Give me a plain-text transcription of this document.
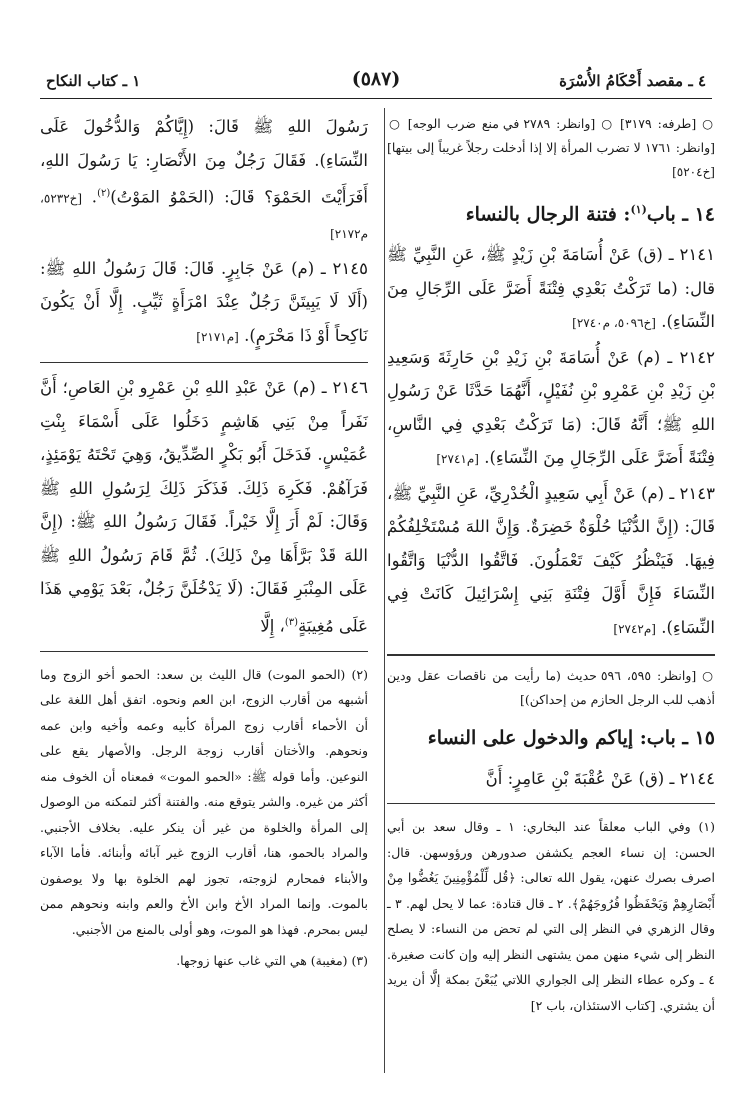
٤ ـ مقصد أَحْكَامُ الأُسْرَة
(٥٨٧)
١ ـ كتاب النكاح

○ [طرفه: ٣١٧٩] ○ [وانظر: ٢٧٨٩ في منع ضرب الوجه] ○ [وانظر: ١٧٦١ لا تضرب المرأة إلا إذا أدخلت رجلاً غريباً إلى بيتها] [خ٥٢٠٤]

١٤ ـ باب$^{(١)}$: فتنة الرجال بالنساء

٢١٤١ ـ (ق) عَنْ أُسَامَةَ بْنِ زَيْدٍ ﷺ، عَنِ النَّبِيِّ ﷺ قال: (ما تَرَكْتُ بَعْدِي فِتْنَةً أَضَرَّ عَلَى الرِّجَالِ مِنَ النِّسَاءِ). [خ٥٠٩٦، م٢٧٤٠]

٢١٤٢ ـ (م) عَنْ أُسَامَةَ بْنِ زَيْدِ بْنِ حَارِثَةَ وَسَعِيدِ بْنِ زَيْدِ بْنِ عَمْرِو بْنِ نُفَيْلٍ، أَنَّهُمَا حَدَّثَا عَنْ رَسُولِ اللهِ ﷺ؛ أَنَّهُ قَالَ: (مَا تَرَكْتُ بَعْدِي فِي النَّاسِ، فِتْنَةً أَضَرَّ عَلَى الرِّجَالِ مِنَ النِّسَاءِ). [م٢٧٤١]

٢١٤٣ ـ (م) عَنْ أَبِي سَعِيدٍ الْخُدْرِيِّ، عَنِ النَّبِيِّ ﷺ، قَالَ: (إِنَّ الدُّنْيَا حُلْوَةٌ خَضِرَةٌ. وَإِنَّ اللهَ مُسْتَخْلِفُكُمْ فِيهَا. فَيَنْظُرُ كَيْفَ تَعْمَلُونَ. فَاتَّقُوا الدُّنْيَا وَاتَّقُوا النِّسَاءَ فَإِنَّ أَوَّلَ فِتْنَةِ بَنِي إِسْرَائِيلَ كَانَتْ فِي النِّسَاءِ). [م٢٧٤٢]

○ [وانظر: ٥٩٥، ٥٩٦ حديث (ما رأيت من ناقصات عقل ودين أذهب للب الرجل الحازم من إحداكن)]

١٥ ـ باب: إياكم والدخول على النساء

٢١٤٤ ـ (ق) عَنْ عُقْبَةَ بْنِ عَامِرٍ: أَنَّ

(١) وفي الباب معلقاً عند البخاري: ١ ـ وقال سعد بن أبي الحسن: إن نساء العجم يكشفن صدورهن ورؤوسهن. قال: اصرف بصرك عنهن، يقول الله تعالى: ﴿قُل لِّلْمُؤْمِنِينَ يَغُضُّوا مِنْ أَبْصَارِهِمْ وَيَحْفَظُوا فُرُوجَهُمْ﴾. ٢ ـ قال قتادة: عما لا يحل لهم. ٣ ـ وقال الزهري في النظر إلى التي لم تحض من النساء: لا يصلح النظر إلى شيء منهن ممن يشتهى النظر إليه وإن كانت صغيرة. ٤ ـ وكره عطاء النظر إلى الجواري اللاتي يُبَعْنَ بمكة إلَّا أن يريد أن يشتري. [كتاب الاستئذان، باب ٢]

رَسُولَ اللهِ ﷺ قَالَ: (إِيَّاكُمْ وَالدُّخُولَ عَلَى النِّسَاءِ). فَقَالَ رَجُلٌ مِنَ الأَنْصَارِ: يَا رَسُولَ اللهِ، أَفَرَأَيْتَ الحَمْوَ؟ قَالَ: (الحَمْوُ المَوْتُ)$^{(٢)}$. [خ٥٢٣٢، م٢١٧٢]

٢١٤٥ ـ (م) عَنْ جَابِرٍ. قَالَ: قَالَ رَسُولُ اللهِ ﷺ: (أَلَا لَا يَبِيتَنَّ رَجُلٌ عِنْدَ امْرَأَةٍ ثَيِّبٍ. إِلَّا أَنْ يَكُونَ نَاكِحاً أَوْ ذَا مَحْرَمٍ). [م٢١٧١]

٢١٤٦ ـ (م) عَنْ عَبْدِ اللهِ بْنِ عَمْرِو بْنِ العَاصِ؛ أَنَّ نَفَراً مِنْ بَنِي هَاشِمٍ دَخَلُوا عَلَى أَسْمَاءَ بِنْتِ عُمَيْسٍ. فَدَخَلَ أَبُو بَكْرٍ الصِّدِّيقُ، وَهِيَ تَحْتَهُ يَوْمَئِذٍ، فَرَآهُمْ. فَكَرِهَ ذَلِكَ. فَذَكَرَ ذَلِكَ لِرَسُولِ اللهِ ﷺ وَقَالَ: لَمْ أَرَ إِلَّا خَيْراً. فَقَالَ رَسُولُ اللهِ ﷺ: (إِنَّ اللهَ قَدْ بَرَّأَهَا مِنْ ذَلِكَ). ثُمَّ قَامَ رَسُولُ اللهِ ﷺ عَلَى المِنْبَرِ فَقَالَ: (لَا يَدْخُلَنَّ رَجُلٌ، بَعْدَ يَوْمِي هَذَا عَلَى مُغِيبَةٍ$^{(٣)}$، إِلَّا

(٢) (الحمو الموت) قال الليث بن سعد: الحمو أخو الزوج وما أشبهه من أقارب الزوج، ابن العم ونحوه. اتفق أهل اللغة على أن الأحماء أقارب زوج المرأة كأبيه وعمه وأخيه وابن عمه ونحوهم. والأختان أقارب زوجة الرجل. والأصهار يقع على النوعين. وأما قوله ﷺ: «الحمو الموت» فمعناه أن الخوف منه أكثر من غيره. والشر يتوقع منه. والفتنة أكثر لتمكنه من الوصول إلى المرأة والخلوة من غير أن ينكر عليه. بخلاف الأجنبي. والمراد بالحمو، هنا، أقارب الزوج غير آبائه وأبنائه. فأما الآباء والأبناء فمحارم لزوجته، تجوز لهم الخلوة بها ولا يوصفون بالموت. وإنما المراد الأخ وابن الأخ والعم وابنه ونحوهم ممن ليس بمحرم. فهذا هو الموت، وهو أولى بالمنع من الأجنبي.

(٣) (مغيبة) هي التي غاب عنها زوجها.
